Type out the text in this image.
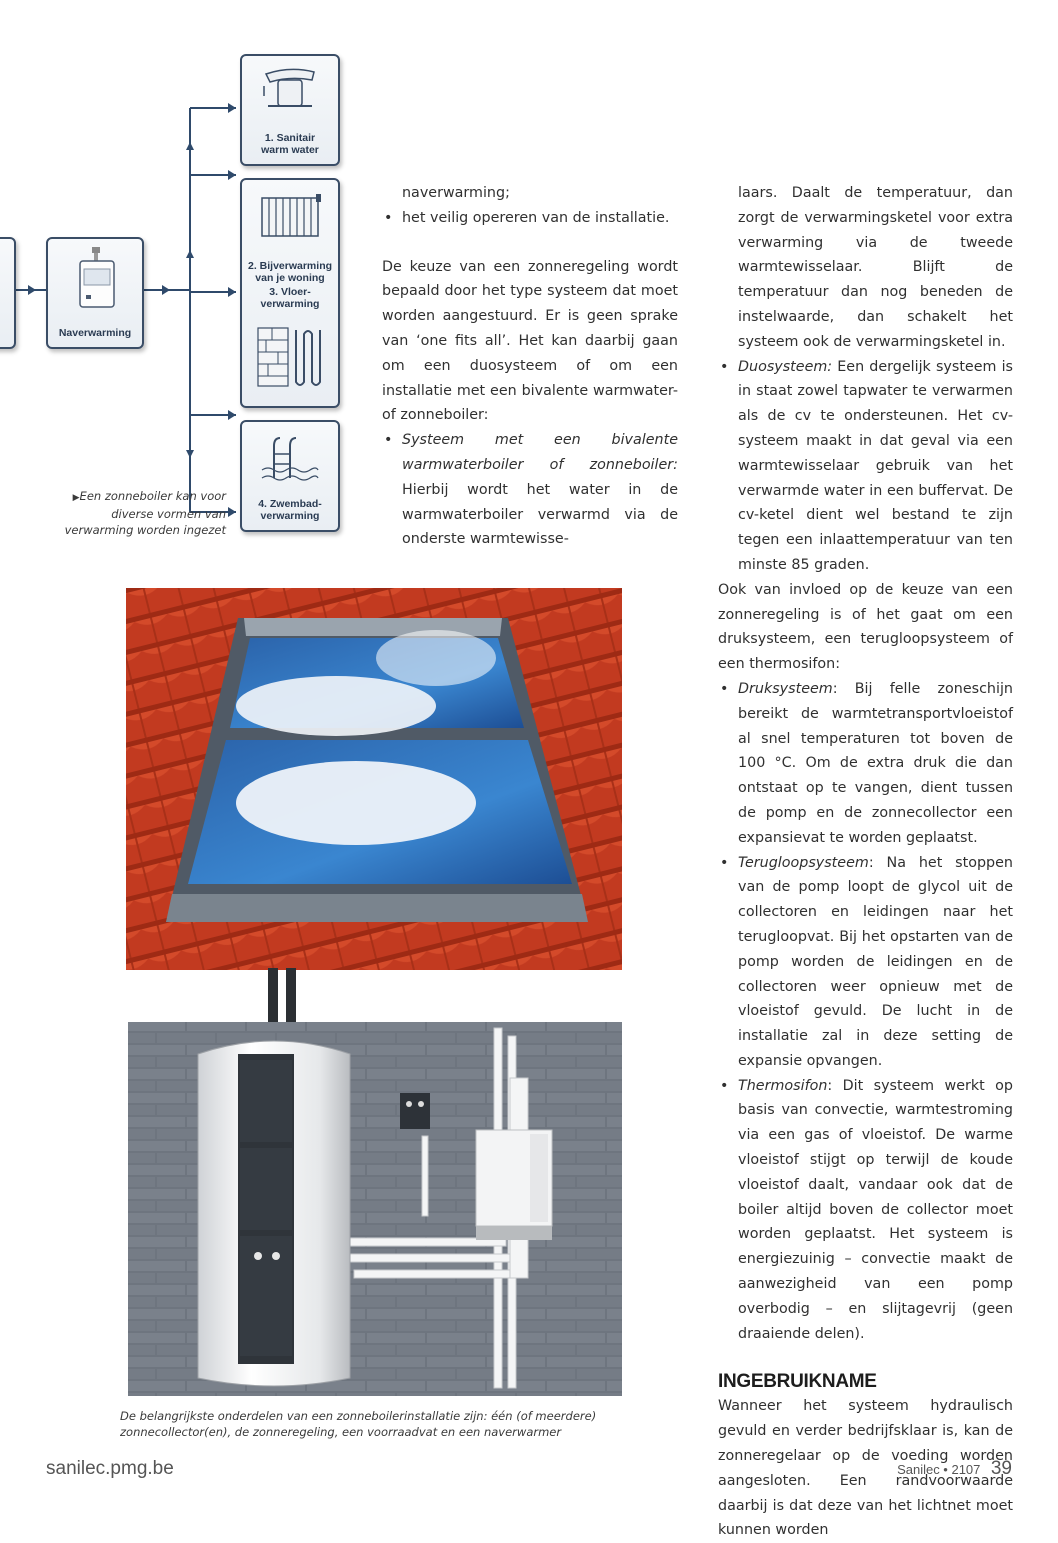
Naverwarming
1. Sanitair
warm water
2. Bijverwarming
van je woning
3. Vloer-
verwarming
4. Zwembad-
verwarming
▶Een zonneboiler kan voor
diverse vormen van
verwarming worden ingezet
naverwarming;
• het veilig opereren van de installatie.
De keuze van een zonneregeling wordt bepaald door het type systeem dat moet worden aangestuurd. Er is geen sprake van ‘one fits all’. Het kan daarbij gaan om een duosysteem of om een installatie met een bivalente warmwater- of zonneboiler:
• Systeem met een bivalente warmwaterboiler of zonneboiler: Hierbij wordt het water in de warmwaterboiler verwarmd via de onderste warmtewisse-
laars. Daalt de temperatuur, dan zorgt de verwarmingsketel voor extra verwarming via de tweede warmtewisselaar. Blijft de temperatuur dan nog beneden de instelwaarde, dan schakelt het systeem ook de verwarmingsketel in.
• Duosysteem: Een dergelijk systeem is in staat zowel tapwater te verwarmen als de cv te ondersteunen. Het cv-systeem maakt in dat geval via een warmtewisselaar gebruik van het verwarmde water in een buffervat. De cv-ketel dient wel bestand te zijn tegen een inlaattemperatuur van ten minste 85 graden.
Ook van invloed op de keuze van een zonneregeling is of het gaat om een druksysteem, een terugloopsysteem of een thermosifon:
• Druksysteem: Bij felle zoneschijn bereikt de warmtetransportvloeistof al snel temperaturen tot boven de 100 °C. Om de extra druk die dan ontstaat op te vangen, dient tussen de pomp en de zonnecollector een expansievat te worden geplaatst.
• Terugloopsysteem: Na het stoppen van de pomp loopt de glycol uit de collectoren en leidingen naar het terugloopvat. Bij het opstarten van de pomp worden de leidingen en de collectoren weer opnieuw met de vloeistof gevuld. De lucht in de installatie zal in deze setting de expansie opvangen.
• Thermosifon: Dit systeem werkt op basis van convectie, warmtestroming via een gas of vloeistof. De warme vloeistof stijgt op terwijl de koude vloeistof daalt, vandaar ook dat de boiler altijd boven de collector moet worden geplaatst. Het systeem is energiezuinig – convectie maakt de aanwezigheid van een pomp overbodig – en slijtagevrij (geen draaiende delen).
INGEBRUIKNAME
Wanneer het systeem hydraulisch gevuld en verder bedrijfsklaar is, kan de zonneregelaar op de voeding worden aangesloten. Een randvoorwaarde daarbij is dat deze van het lichtnet moet kunnen worden
De belangrijkste onderdelen van een zonneboilerinstallatie zijn: één (of meerdere)
zonnecollector(en), de zonneregeling, een voorraadvat en een naverwarmer
sanilec.pmg.be	Sanilec • 2107 39
